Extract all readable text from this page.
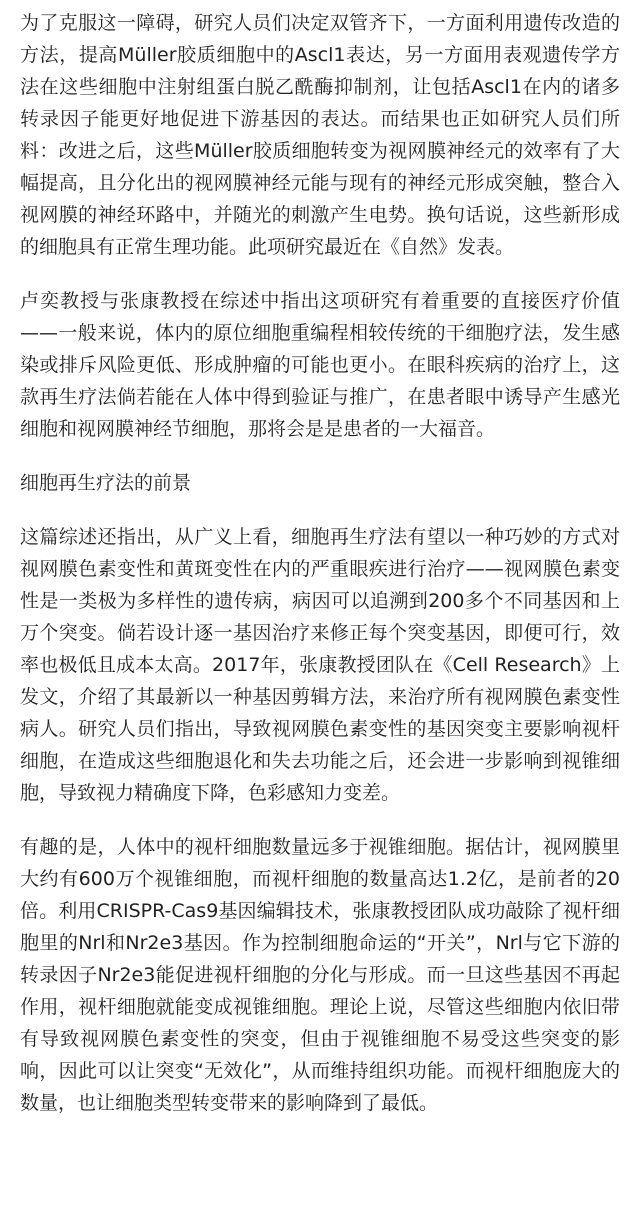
为了克服这一障碍，研究人员们决定双管齐下，一方面利用遗传改造的方法，提高Müller胶质细胞中的Ascl1表达，另一方面用表观遗传学方法在这些细胞中注射组蛋白脱乙酰酶抑制剂，让包括Ascl1在内的诸多转录因子能更好地促进下游基因的表达。而结果也正如研究人员们所料：改进之后，这些Müller胶质细胞转变为视网膜神经元的效率有了大幅提高，且分化出的视网膜神经元能与现有的神经元形成突触，整合入视网膜的神经环路中，并随光的刺激产生电势。换句话说，这些新形成的细胞具有正常生理功能。此项研究最近在《自然》发表。

卢奕教授与张康教授在综述中指出这项研究有着重要的直接医疗价值——一般来说，体内的原位细胞重编程相较传统的干细胞疗法，发生感染或排斥风险更低、形成肿瘤的可能也更小。在眼科疾病的治疗上，这款再生疗法倘若能在人体中得到验证与推广，在患者眼中诱导产生感光细胞和视网膜神经节细胞，那将会是是患者的一大福音。

细胞再生疗法的前景

这篇综述还指出，从广义上看，细胞再生疗法有望以一种巧妙的方式对视网膜色素变性和黄斑变性在内的严重眼疾进行治疗——视网膜色素变性是一类极为多样性的遗传病，病因可以追溯到200多个不同基因和上万个突变。倘若设计逐一基因治疗来修正每个突变基因，即便可行，效率也极低且成本太高。2017年，张康教授团队在《Cell Research》上发文，介绍了其最新以一种基因剪辑方法，来治疗所有视网膜色素变性病人。研究人员们指出，导致视网膜色素变性的基因突变主要影响视杆细胞，在造成这些细胞退化和失去功能之后，还会进一步影响到视锥细胞，导致视力精确度下降，色彩感知力变差。

有趣的是，人体中的视杆细胞数量远多于视锥细胞。据估计，视网膜里大约有600万个视锥细胞，而视杆细胞的数量高达1.2亿，是前者的20倍。利用CRISPR-Cas9基因编辑技术，张康教授团队成功敲除了视杆细胞里的Nrl和Nr2e3基因。作为控制细胞命运的“开关”，Nrl与它下游的转录因子Nr2e3能促进视杆细胞的分化与形成。而一旦这些基因不再起作用，视杆细胞就能变成视锥细胞。理论上说，尽管这些细胞内依旧带有导致视网膜色素变性的突变，但由于视锥细胞不易受这些突变的影响，因此可以让突变“无效化”，从而维持组织功能。而视杆细胞庞大的数量，也让细胞类型转变带来的影响降到了最低。
